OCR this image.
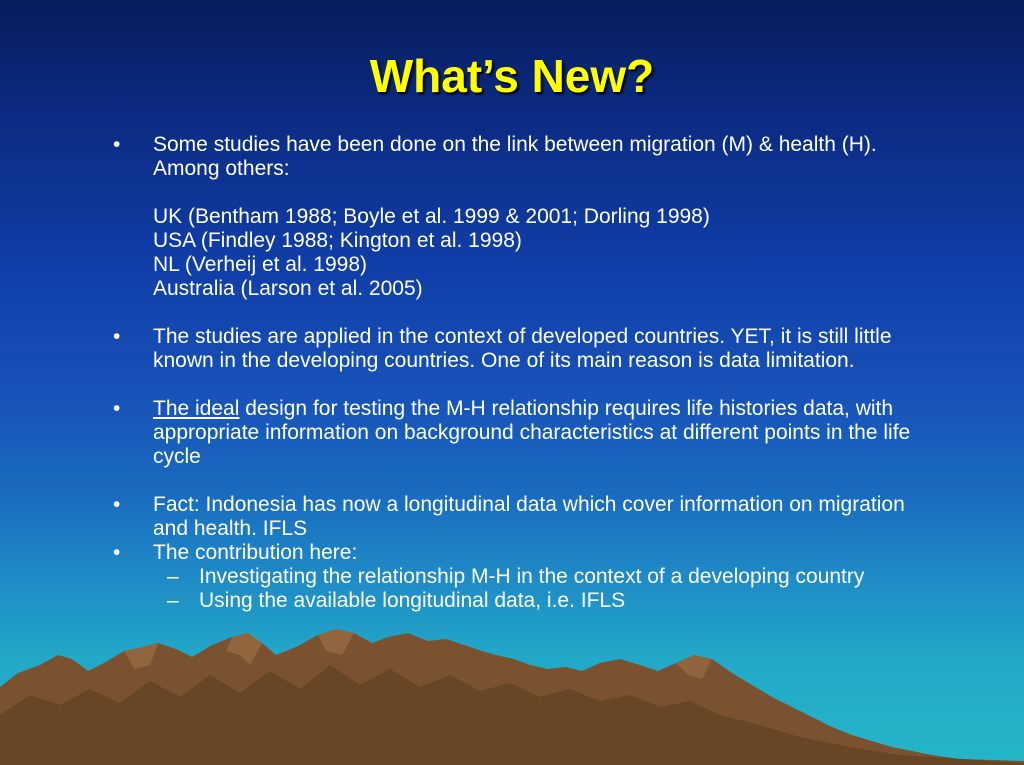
What’s New?
• Some studies have been done on the link between migration (M) & health (H). Among others:
UK (Bentham 1988; Boyle et al. 1999 & 2001; Dorling 1998)
USA (Findley 1988; Kington et al. 1998)
NL (Verheij et al. 1998)
Australia (Larson et al. 2005)
• The studies are applied in the context of developed countries. YET, it is still little known in the developing countries. One of its main reason is data limitation.
• The ideal design for testing the M-H relationship requires life histories data, with appropriate information on background characteristics at different points in the life cycle
• Fact: Indonesia has now a longitudinal data which cover information on migration and health. IFLS
• The contribution here:
– Investigating the relationship M-H in the context of a developing country
– Using the available longitudinal data, i.e. IFLS
